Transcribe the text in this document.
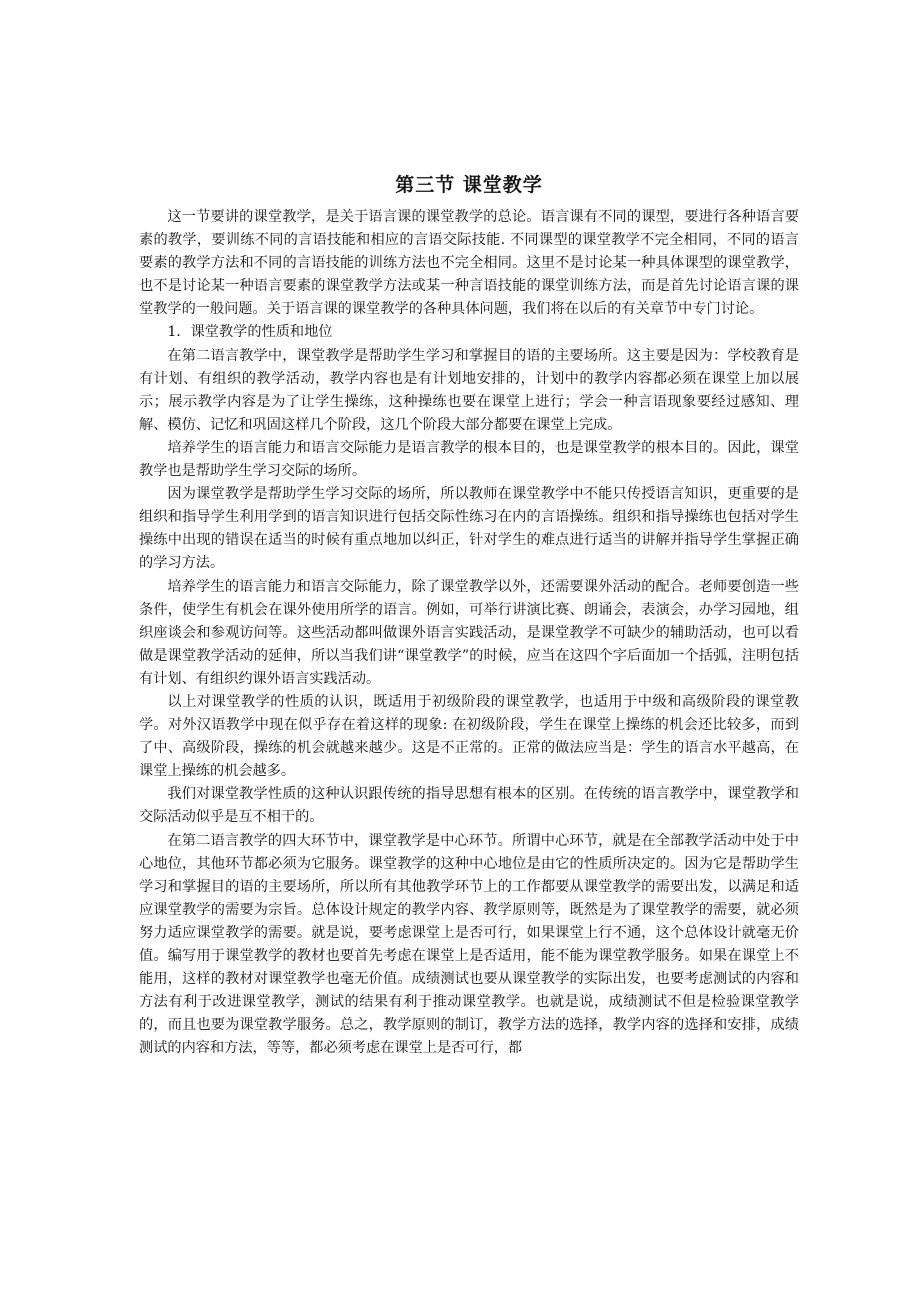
第三节 课堂教学

这一节要讲的课堂教学，是关于语言课的课堂教学的总论。语言课有不同的课型，要进行各种语言要素的教学，要训练不同的言语技能和相应的言语交际技能. 不同课型的课堂教学不完全相同，不同的语言要素的教学方法和不同的言语技能的训练方法也不完全相同。这里不是讨论某一种具体课型的课堂教学，也不是讨论某一种语言要素的课堂教学方法或某一种言语技能的课堂训练方法，而是首先讨论语言课的课堂教学的一般问题。关于语言课的课堂教学的各种具体问题，我们将在以后的有关章节中专门讨论。

1．课堂教学的性质和地位

在第二语言教学中，课堂教学是帮助学生学习和掌握目的语的主要场所。这主要是因为：学校教育是有计划、有组织的教学活动，教学内容也是有计划地安排的，计划中的教学内容都必须在课堂上加以展示；展示教学内容是为了让学生操练，这种操练也要在课堂上进行；学会一种言语现象要经过感知、理解、模仿、记忆和巩固这样几个阶段，这几个阶段大部分都要在课堂上完成。

培养学生的语言能力和语言交际能力是语言教学的根本目的，也是课堂教学的根本目的。因此，课堂教学也是帮助学生学习交际的场所。

因为课堂教学是帮助学生学习交际的场所，所以教师在课堂教学中不能只传授语言知识，更重要的是组织和指导学生利用学到的语言知识进行包括交际性练习在内的言语操练。组织和指导操练也包括对学生操练中出现的错误在适当的时候有重点地加以纠正，针对学生的难点进行适当的讲解并指导学生掌握正确的学习方法。

培养学生的语言能力和语言交际能力，除了课堂教学以外，还需要课外活动的配合。老师要创造一些条件，使学生有机会在课外使用所学的语言。例如，可举行讲演比赛、朗诵会，表演会，办学习园地，组织座谈会和参观访问等。这些活动都叫做课外语言实践活动，是课堂教学不可缺少的辅助活动，也可以看做是课堂教学活动的延伸，所以当我们讲“课堂教学”的时候，应当在这四个字后面加一个括弧，注明包括有计划、有组织约课外语言实践活动。

以上对课堂教学的性质的认识，既适用于初级阶段的课堂教学，也适用于中级和高级阶段的课堂教学。对外汉语教学中现在似乎存在着这样的现象: 在初级阶段，学生在课堂上操练的机会还比较多，而到了中、高级阶段，操练的机会就越来越少。这是不正常的。正常的做法应当是：学生的语言水平越高，在课堂上操练的机会越多。

我们对课堂教学性质的这种认识跟传统的指导思想有根本的区别。在传统的语言教学中，课堂教学和交际活动似乎是互不相干的。

在第二语言教学的四大环节中，课堂教学是中心环节。所谓中心环节，就是在全部教学活动中处于中心地位，其他环节都必须为它服务。课堂教学的这种中心地位是由它的性质所决定的。因为它是帮助学生学习和掌握目的语的主要场所，所以所有其他教学环节上的工作都要从课堂教学的需要出发，以满足和适应课堂教学的需要为宗旨。总体设计规定的教学内容、教学原则等，既然是为了课堂教学的需要，就必须努力适应课堂教学的需要。就是说，要考虑课堂上是否可行，如果课堂上行不通，这个总体设计就毫无价值。编写用于课堂教学的教材也要首先考虑在课堂上是否适用，能不能为课堂教学服务。如果在课堂上不能用，这样的教材对课堂教学也毫无价值。成绩测试也要从课堂教学的实际出发，也要考虑测试的内容和方法有利于改进课堂教学，测试的结果有利于推动课堂教学。也就是说，成绩测试不但是检验课堂教学的，而且也要为课堂教学服务。总之，教学原则的制订，教学方法的选择，教学内容的选择和安排，成绩测试的内容和方法，等等，都必须考虑在课堂上是否可行，都
